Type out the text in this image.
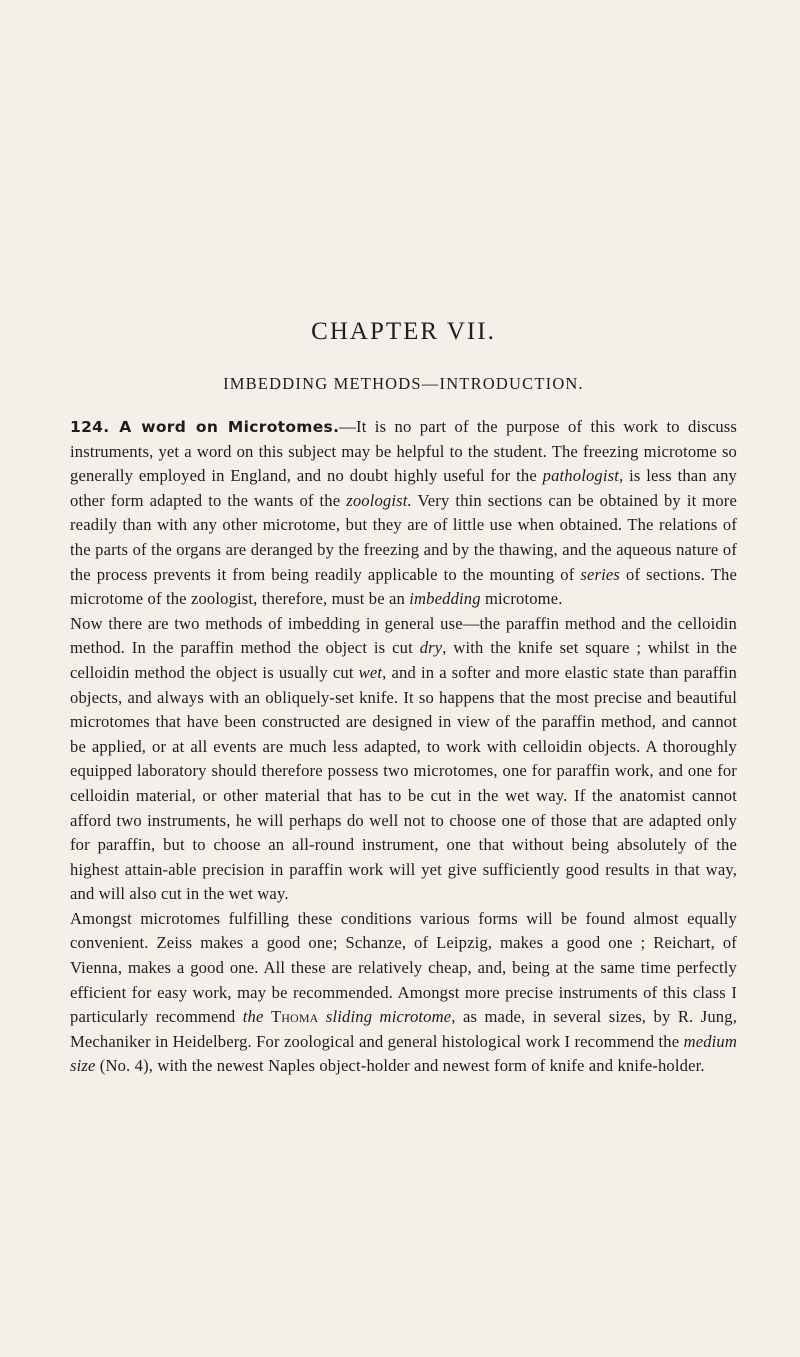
CHAPTER VII.
IMBEDDING METHODS—INTRODUCTION.

124. A word on Microtomes.—It is no part of the purpose of this work to discuss instruments, yet a word on this subject may be helpful to the student. The freezing microtome so generally employed in England, and no doubt highly useful for the pathologist, is less than any other form adapted to the wants of the zoologist. Very thin sections can be obtained by it more readily than with any other microtome, but they are of little use when obtained. The relations of the parts of the organs are deranged by the freezing and by the thawing, and the aqueous nature of the process prevents it from being readily applicable to the mounting of series of sections. The microtome of the zoologist, therefore, must be an imbedding microtome.

Now there are two methods of imbedding in general use—the paraffin method and the celloidin method. In the paraffin method the object is cut dry, with the knife set square ; whilst in the celloidin method the object is usually cut wet, and in a softer and more elastic state than paraffin objects, and always with an obliquely-set knife. It so happens that the most precise and beautiful microtomes that have been constructed are designed in view of the paraffin method, and cannot be applied, or at all events are much less adapted, to work with celloidin objects. A thoroughly equipped laboratory should therefore possess two microtomes, one for paraffin work, and one for celloidin material, or other material that has to be cut in the wet way. If the anatomist cannot afford two instruments, he will perhaps do well not to choose one of those that are adapted only for paraffin, but to choose an all-round instrument, one that without being absolutely of the highest attain-able precision in paraffin work will yet give sufficiently good results in that way, and will also cut in the wet way.

Amongst microtomes fulfilling these conditions various forms will be found almost equally convenient. Zeiss makes a good one; Schanze, of Leipzig, makes a good one ; Reichart, of Vienna, makes a good one. All these are relatively cheap, and, being at the same time perfectly efficient for easy work, may be recommended. Amongst more precise instruments of this class I particularly recommend the Thoma sliding microtome, as made, in several sizes, by R. Jung, Mechaniker in Heidelberg. For zoological and general histological work I recommend the medium size (No. 4), with the newest Naples object-holder and newest form of knife and knife-holder.
